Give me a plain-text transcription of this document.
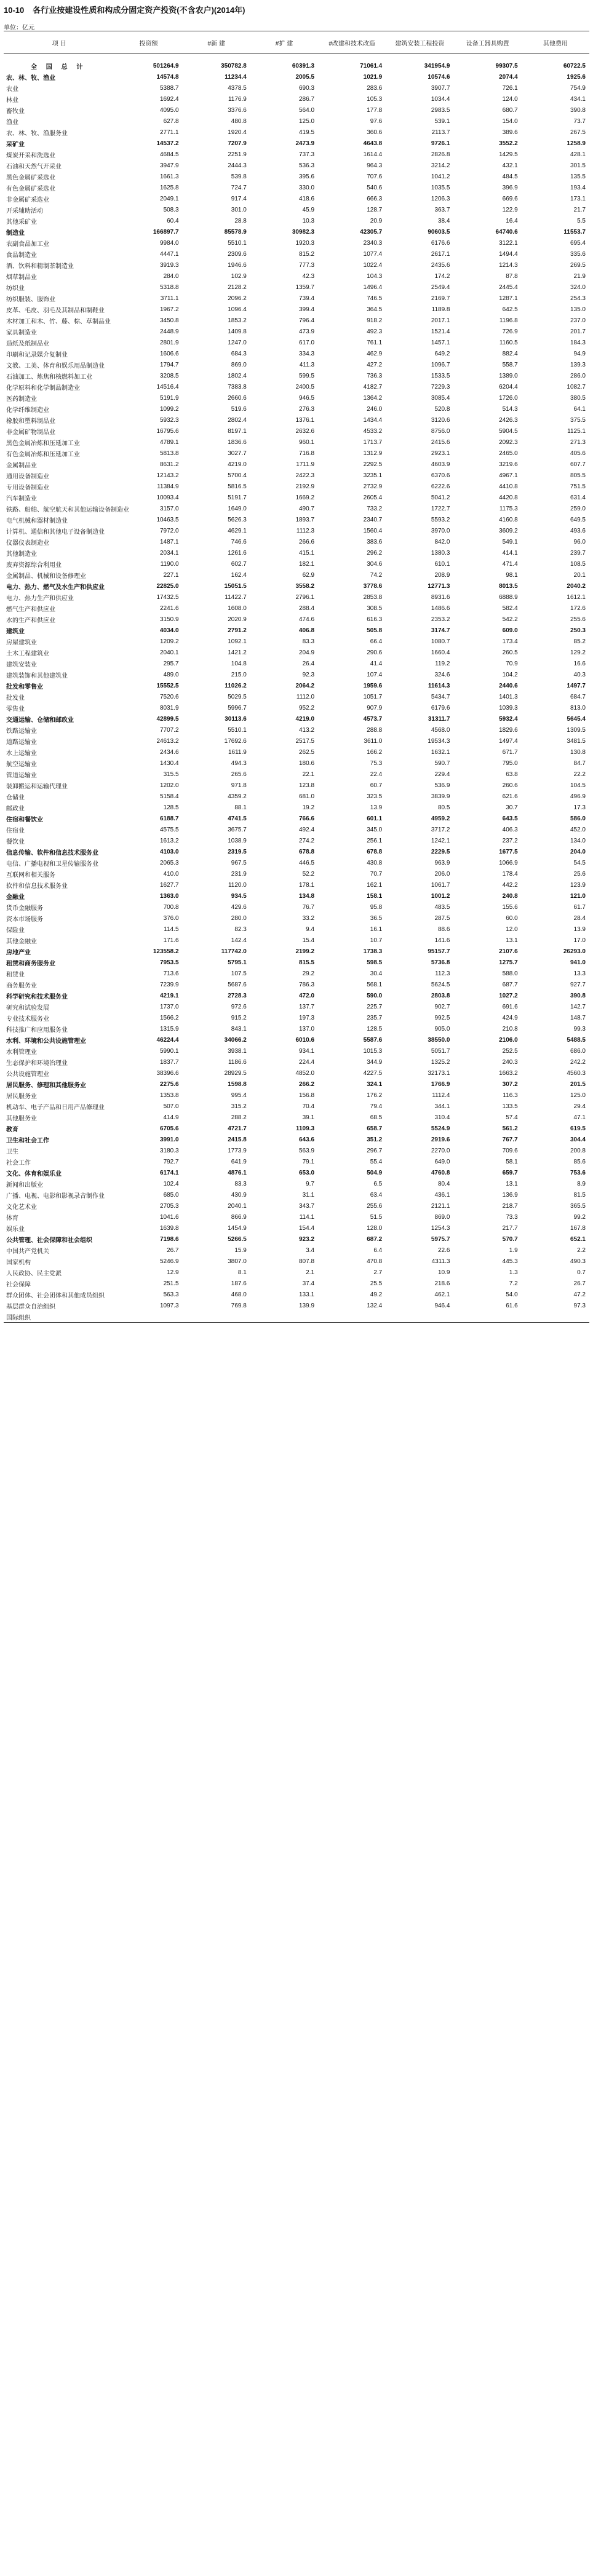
10-10 各行业按建设性质和构成分固定资产投资(不含农户)(2014年)
单位：亿元
项 目	投资额	#新 建	#扩 建	#改建和技术改造	建筑安装工程投资	设备工器具购置	其他费用

全 国 总 计	501264.9	350782.8	60391.3	71061.4	341954.9	99307.5	60722.5
农、林、牧、渔业	14574.8	11234.4	2005.5	1021.9	10574.6	2074.4	1925.6
农业	5388.7	4378.5	690.3	283.6	3907.7	726.1	754.9
林业	1692.4	1176.9	286.7	105.3	1034.4	124.0	434.1
畜牧业	4095.0	3376.6	564.0	177.8	2983.5	680.7	390.8
渔业	627.8	480.8	125.0	97.6	539.1	154.0	73.7
农、林、牧、渔服务业	2771.1	1920.4	419.5	360.6	2113.7	389.6	267.5
采矿业	14537.2	7207.9	2473.9	4643.8	9726.1	3552.2	1258.9
煤炭开采和洗选业	4684.5	2251.9	737.3	1614.4	2826.8	1429.5	428.1
石油和天然气开采业	3947.9	2444.3	536.3	964.3	3214.2	432.1	301.5
黑色金属矿采选业	1661.3	539.8	395.6	707.6	1041.2	484.5	135.5
有色金属矿采选业	1625.8	724.7	330.0	540.6	1035.5	396.9	193.4
非金属矿采选业	2049.1	917.4	418.6	666.3	1206.3	669.6	173.1
开采辅助活动	508.3	301.0	45.9	128.7	363.7	122.9	21.7
其他采矿业	60.4	28.8	10.3	20.9	38.4	16.4	5.5
制造业	166897.7	85578.9	30982.3	42305.7	90603.5	64740.6	11553.7
农副食品加工业	9984.0	5510.1	1920.3	2340.3	6176.6	3122.1	695.4
食品制造业	4447.1	2309.6	815.2	1077.4	2617.1	1494.4	335.6
酒、饮料和精制茶制造业	3919.3	1946.6	777.3	1022.4	2435.6	1214.3	269.5
烟草制品业	284.0	102.9	42.3	104.3	174.2	87.8	21.9
纺织业	5318.8	2128.2	1359.7	1496.4	2549.4	2445.4	324.0
纺织服装、服饰业	3711.1	2096.2	739.4	746.5	2169.7	1287.1	254.3
皮革、毛皮、羽毛及其制品和制鞋业	1967.2	1096.4	399.4	364.5	1189.8	642.5	135.0
木材加工和木、竹、藤、棕、草制品业	3450.8	1853.2	796.4	918.2	2017.1	1196.8	237.0
家具制造业	2448.9	1409.8	473.9	492.3	1521.4	726.9	201.7
造纸及纸制品业	2801.9	1247.0	617.0	761.1	1457.1	1160.5	184.3
印刷和记录媒介复制业	1606.6	684.3	334.3	462.9	649.2	882.4	94.9
文教、工美、体育和娱乐用品制造业	1794.7	869.0	411.3	427.2	1096.7	558.7	139.3
石油加工、炼焦和核燃料加工业	3208.5	1802.4	599.5	736.3	1533.5	1389.0	286.0
化学原料和化学制品制造业	14516.4	7383.8	2400.5	4182.7	7229.3	6204.4	1082.7
医药制造业	5191.9	2660.6	946.5	1364.2	3085.4	1726.0	380.5
化学纤维制造业	1099.2	519.6	276.3	246.0	520.8	514.3	64.1
橡胶和塑料制品业	5932.3	2802.4	1376.1	1434.4	3120.6	2426.3	375.5
非金属矿物制品业	16795.6	8197.1	2632.6	4533.2	8756.0	5904.5	1125.1
黑色金属冶炼和压延加工业	4789.1	1836.6	960.1	1713.7	2415.6	2092.3	271.3
有色金属冶炼和压延加工业	5813.8	3027.7	716.8	1312.9	2923.1	2465.0	405.6
金属制品业	8631.2	4219.0	1711.9	2292.5	4603.9	3219.6	607.7
通用设备制造业	12143.2	5700.4	2422.3	3235.1	6370.6	4967.1	805.5
专用设备制造业	11384.9	5816.5	2192.9	2732.9	6222.6	4410.8	751.5
汽车制造业	10093.4	5191.7	1669.2	2605.4	5041.2	4420.8	631.4
铁路、船舶、航空航天和其他运输设备制造业	3157.0	1649.0	490.7	733.2	1722.7	1175.3	259.0
电气机械和器材制造业	10463.5	5626.3	1893.7	2340.7	5593.2	4160.8	649.5
计算机、通信和其他电子设备制造业	7972.0	4629.1	1112.3	1560.4	3970.0	3609.2	493.6
仪器仪表制造业	1487.1	746.6	266.6	383.6	842.0	549.1	96.0
其他制造业	2034.1	1261.6	415.1	296.2	1380.3	414.1	239.7
废弃资源综合利用业	1190.0	602.7	182.1	304.6	610.1	471.4	108.5
金属制品、机械和设备修理业	227.1	162.4	62.9	74.2	208.9	98.1	20.1
电力、热力、燃气及水生产和供应业	22825.0	15051.5	3558.2	3778.6	12771.3	8013.5	2040.2
电力、热力生产和供应业	17432.5	11422.7	2796.1	2853.8	8931.6	6888.9	1612.1
燃气生产和供应业	2241.6	1608.0	288.4	308.5	1486.6	582.4	172.6
水的生产和供应业	3150.9	2020.9	474.6	616.3	2353.2	542.2	255.6
建筑业	4034.0	2791.2	406.8	505.8	3174.7	609.0	250.3
房屋建筑业	1209.2	1092.1	83.3	66.4	1080.7	173.4	85.2
土木工程建筑业	2040.1	1421.2	204.9	290.6	1660.4	260.5	129.2
建筑安装业	295.7	104.8	26.4	41.4	119.2	70.9	16.6
建筑装饰和其他建筑业	489.0	215.0	92.3	107.4	324.6	104.2	40.3
批发和零售业	15552.5	11026.2	2064.2	1959.6	11614.3	2440.6	1497.7
批发业	7520.6	5029.5	1112.0	1051.7	5434.7	1401.3	684.7
零售业	8031.9	5996.7	952.2	907.9	6179.6	1039.3	813.0
交通运输、仓储和邮政业	42899.5	30113.6	4219.0	4573.7	31311.7	5932.4	5645.4
铁路运输业	7707.2	5510.1	413.2	288.8	4568.0	1829.6	1309.5
道路运输业	24613.2	17692.6	2517.5	3611.0	19534.3	1497.4	3481.5
水上运输业	2434.6	1611.9	262.5	166.2	1632.1	671.7	130.8
航空运输业	1430.4	494.3	180.6	75.3	590.7	795.0	84.7
管道运输业	315.5	265.6	22.1	22.4	229.4	63.8	22.2
装卸搬运和运输代理业	1202.0	971.8	123.8	60.7	536.9	260.6	104.5
仓储业	5158.4	4359.2	681.0	323.5	3839.9	621.6	496.9
邮政业	128.5	88.1	19.2	13.9	80.5	30.7	17.3
住宿和餐饮业	6188.7	4741.5	766.6	601.1	4959.2	643.5	586.0
住宿业	4575.5	3675.7	492.4	345.0	3717.2	406.3	452.0
餐饮业	1613.2	1038.9	274.2	256.1	1242.1	237.2	134.0
信息传输、软件和信息技术服务业	4103.0	2319.5	678.8	678.8	2229.5	1677.5	204.0
电信、广播电视和卫星传输服务业	2065.3	967.5	446.5	430.8	963.9	1066.9	54.5
互联网和相关服务	410.0	231.9	52.2	70.7	206.0	178.4	25.6
软件和信息技术服务业	1627.7	1120.0	178.1	162.1	1061.7	442.2	123.9
金融业	1363.0	934.5	134.8	158.1	1001.2	240.8	121.0
货币金融服务	700.8	429.6	76.7	95.8	483.5	155.6	61.7
资本市场服务	376.0	280.0	33.2	36.5	287.5	60.0	28.4
保险业	114.5	82.3	9.4	16.1	88.6	12.0	13.9
其他金融业	171.6	142.4	15.4	10.7	141.6	13.1	17.0
房地产业	123558.2	117742.0	2199.2	1738.3	95157.7	2107.6	26293.0
租赁和商务服务业	7953.5	5795.1	815.5	598.5	5736.8	1275.7	941.0
租赁业	713.6	107.5	29.2	30.4	112.3	588.0	13.3
商务服务业	7239.9	5687.6	786.3	568.1	5624.5	687.7	927.7
科学研究和技术服务业	4219.1	2728.3	472.0	590.0	2803.8	1027.2	390.8
研究和试验发展	1737.0	972.6	137.7	225.7	902.7	691.6	142.7
专业技术服务业	1566.2	915.2	197.3	235.7	992.5	424.9	148.7
科技推广和应用服务业	1315.9	843.1	137.0	128.5	905.0	210.8	99.3
水利、环境和公共设施管理业	46224.4	34066.2	6010.6	5587.6	38550.0	2106.0	5488.5
水利管理业	5990.1	3938.1	934.1	1015.3	5051.7	252.5	686.0
生态保护和环境治理业	1837.7	1186.6	224.4	344.9	1325.2	240.3	242.2
公共设施管理业	38396.6	28929.5	4852.0	4227.5	32173.1	1663.2	4560.3
居民服务、修理和其他服务业	2275.6	1598.8	266.2	324.1	1766.9	307.2	201.5
居民服务业	1353.8	995.4	156.8	176.2	1112.4	116.3	125.0
机动车、电子产品和日用产品修理业	507.0	315.2	70.4	79.4	344.1	133.5	29.4
其他服务业	414.9	288.2	39.1	68.5	310.4	57.4	47.1
教育	6705.6	4721.7	1109.3	658.7	5524.9	561.2	619.5
卫生和社会工作	3991.0	2415.8	643.6	351.2	2919.6	767.7	304.4
卫生	3180.3	1773.9	563.9	296.7	2270.0	709.6	200.8
社会工作	792.7	641.9	79.1	55.4	649.0	58.1	85.6
文化、体育和娱乐业	6174.1	4876.1	653.0	504.9	4760.8	659.7	753.6
新闻和出版业	102.4	83.3	9.7	6.5	80.4	13.1	8.9
广播、电视、电影和影视录音制作业	685.0	430.9	31.1	63.4	436.1	136.9	81.5
文化艺术业	2705.3	2040.1	343.7	255.6	2121.1	218.7	365.5
体育	1041.6	866.9	114.1	51.5	869.0	73.3	99.2
娱乐业	1639.8	1454.9	154.4	128.0	1254.3	217.7	167.8
公共管理、社会保障和社会组织	7198.6	5266.5	923.2	687.2	5975.7	570.7	652.1
中国共产党机关	26.7	15.9	3.4	6.4	22.6	1.9	2.2
国家机构	5246.9	3807.0	807.8	470.8	4311.3	445.3	490.3
人民政协、民主党派	12.9	8.1	2.1	2.7	10.9	1.3	0.7
社会保障	251.5	187.6	37.4	25.5	218.6	7.2	26.7
群众团体、社会团体和其他成员组织	563.3	468.0	133.1	49.2	462.1	54.0	47.2
基层群众自治组织	1097.3	769.8	139.9	132.4	946.4	61.6	97.3
国际组织							
